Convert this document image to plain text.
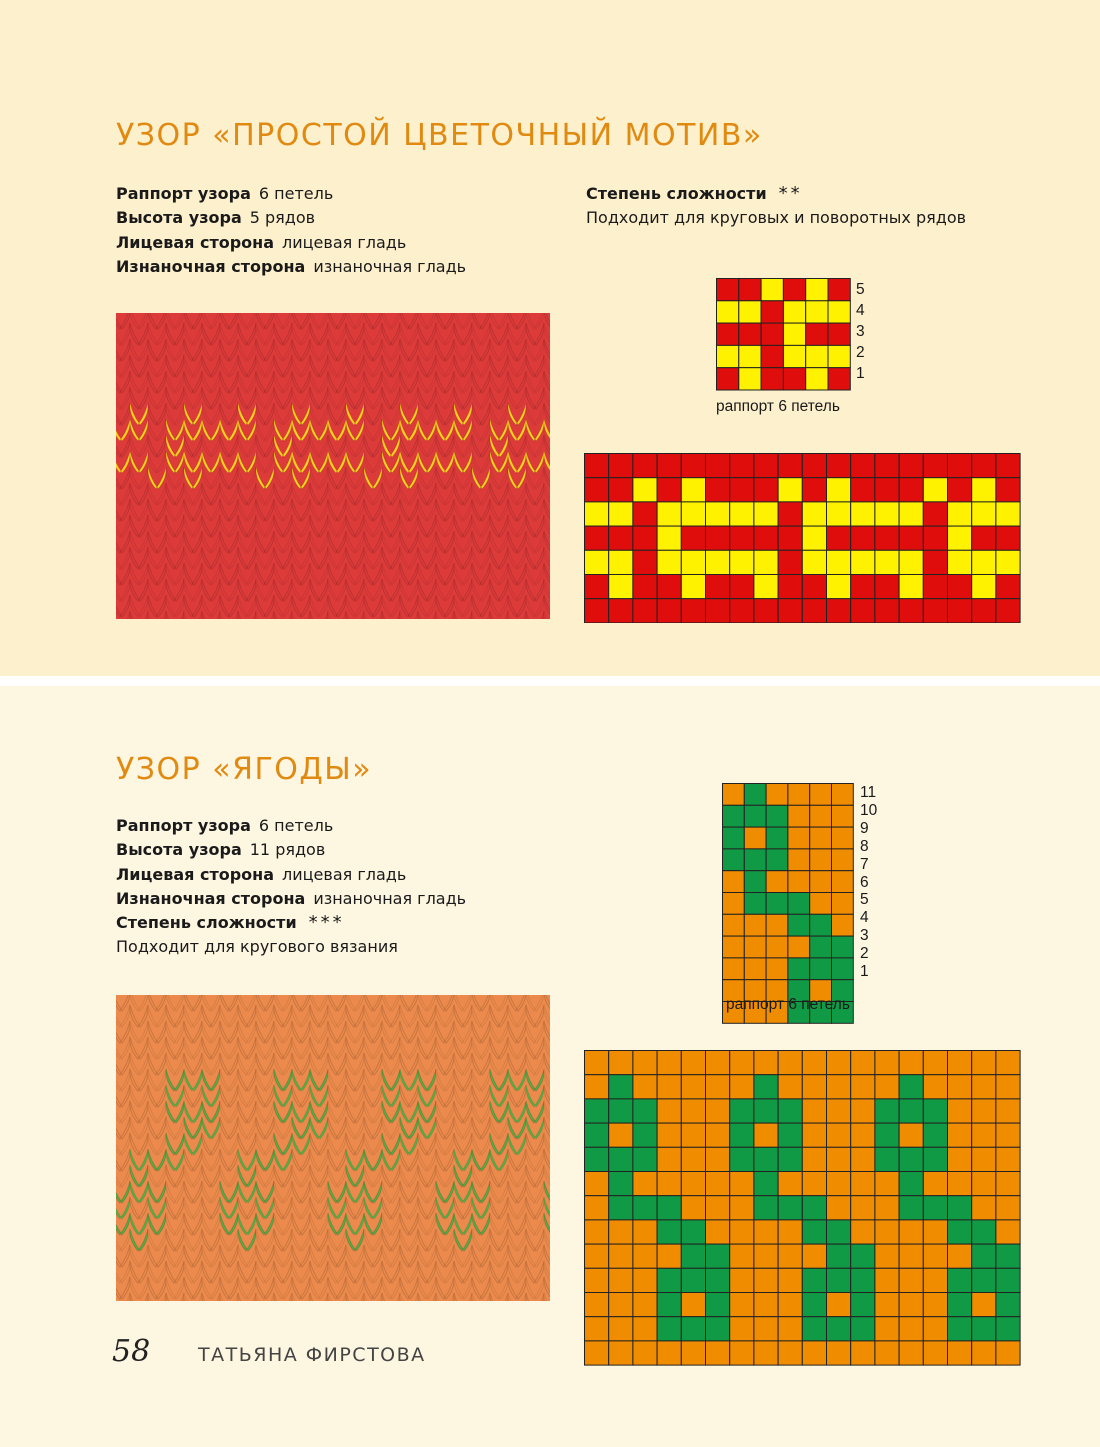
УЗОР «ПРОСТОЙ ЦВЕТОЧНЫЙ МОТИВ»
Раппорт узора 6 петель
Высота узора 5 рядов
Лицевая сторона лицевая гладь
Изнаночная сторона изнаночная гладь
Степень сложности **
Подходит для круговых и поворотных рядов
5
4
3
2
1
раппорт 6 петель
УЗОР «ЯГОДЫ»
Раппорт узора 6 петель
Высота узора 11 рядов
Лицевая сторона лицевая гладь
Изнаночная сторона изнаночная гладь
Степень сложности ***
Подходит для кругового вязания
11
10
9
8
7
6
5
4
3
2
1
раппорт 6 петель
58	ТАТЬЯНА ФИРСТОВА
